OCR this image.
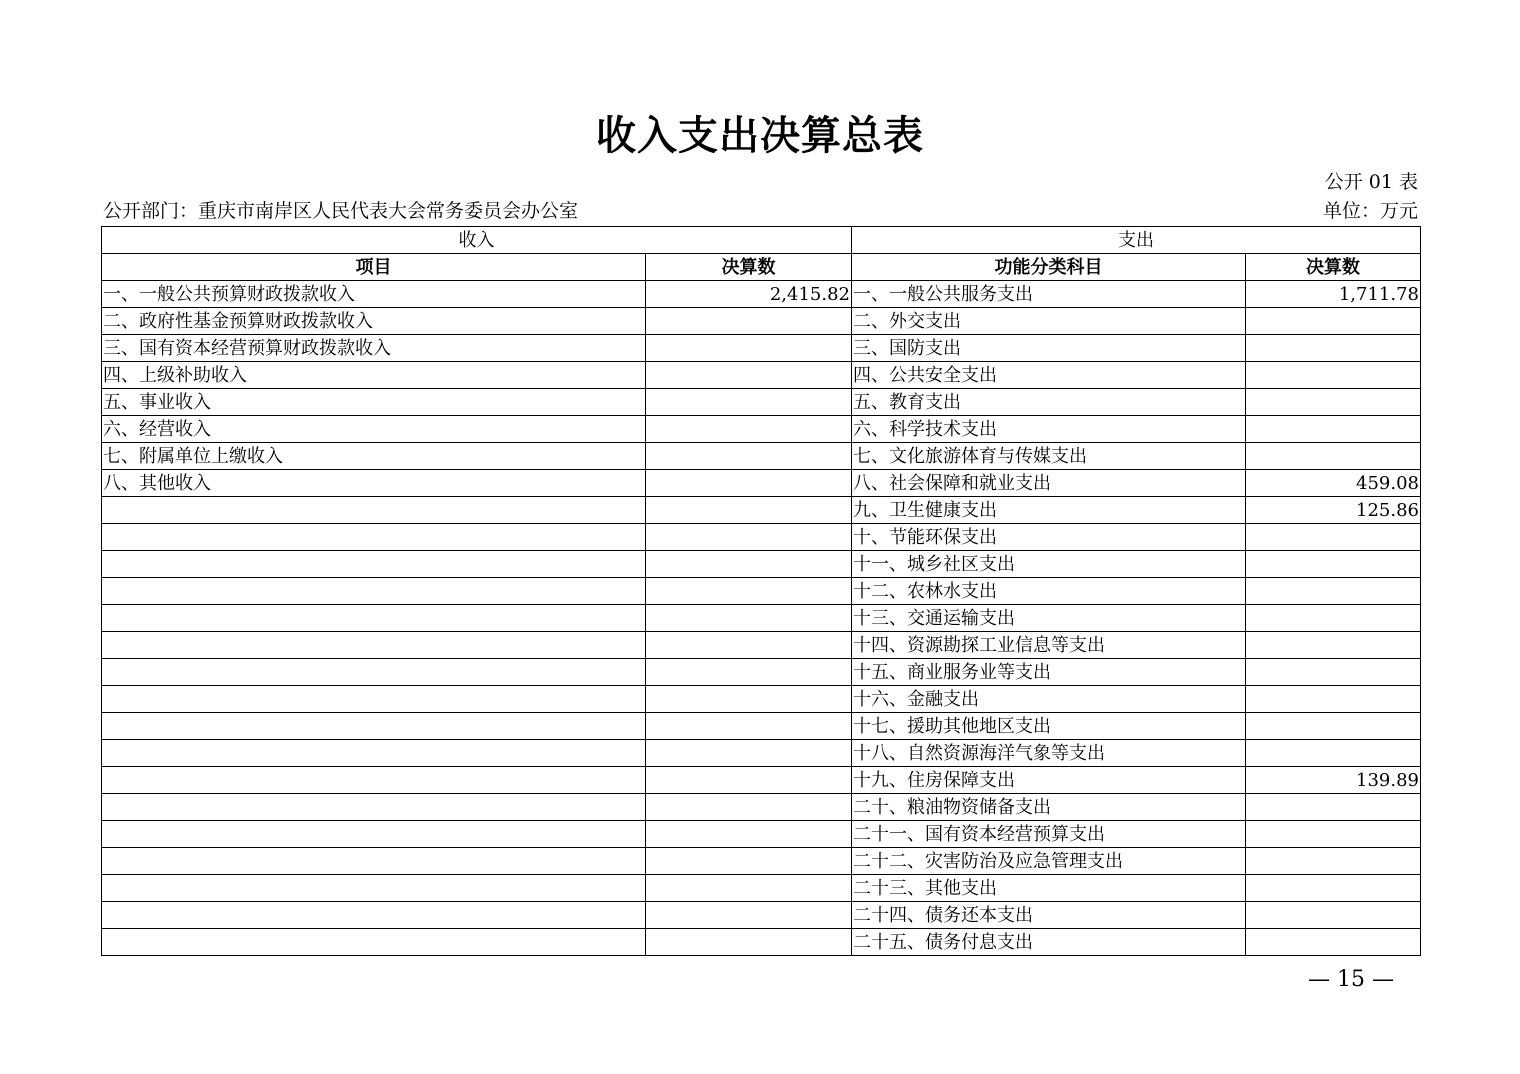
收入支出决算总表
公开 01 表
公开部门：重庆市南岸区人民代表大会常务委员会办公室	单位：万元
收入		支出	
项目	决算数	功能分类科目	决算数
一、一般公共预算财政拨款收入	2,415.82	一、一般公共服务支出	1,711.78
二、政府性基金预算财政拨款收入		二、外交支出	
三、国有资本经营预算财政拨款收入		三、国防支出	
四、上级补助收入		四、公共安全支出	
五、事业收入		五、教育支出	
六、经营收入		六、科学技术支出	
七、附属单位上缴收入		七、文化旅游体育与传媒支出	
八、其他收入		八、社会保障和就业支出	459.08
		九、卫生健康支出	125.86
		十、节能环保支出	
		十一、城乡社区支出	
		十二、农林水支出	
		十三、交通运输支出	
		十四、资源勘探工业信息等支出	
		十五、商业服务业等支出	
		十六、金融支出	
		十七、援助其他地区支出	
		十八、自然资源海洋气象等支出	
		十九、住房保障支出	139.89
		二十、粮油物资储备支出	
		二十一、国有资本经营预算支出	
		二十二、灾害防治及应急管理支出	
		二十三、其他支出	
		二十四、债务还本支出	
		二十五、债务付息支出	
— 15 —
